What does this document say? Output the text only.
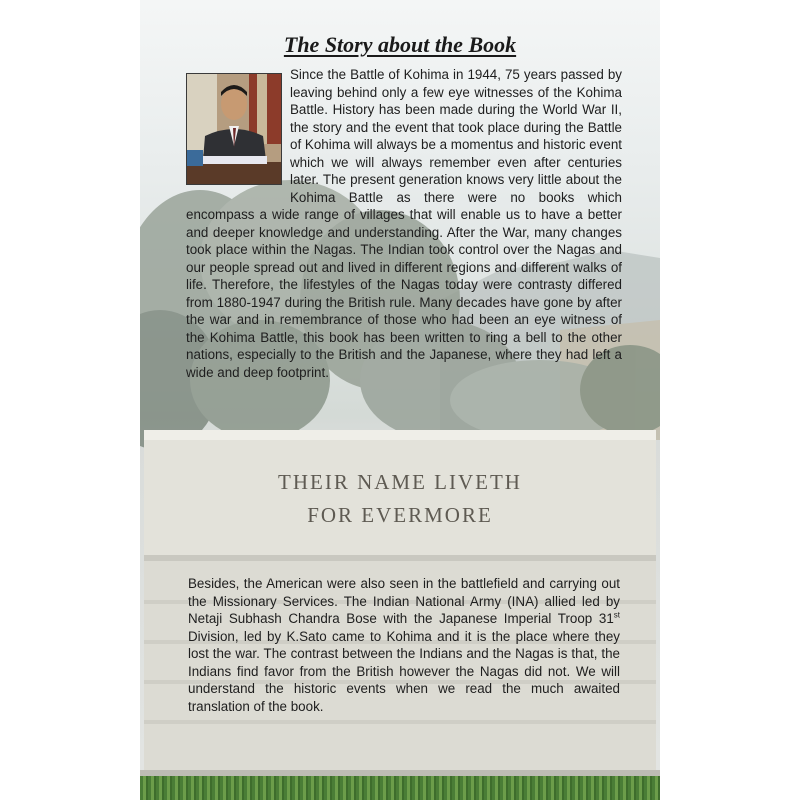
The Story about the Book
Since the Battle of Kohima in 1944, 75 years passed by leaving behind only a few eye witnesses of the Kohima Battle. History has been made during the World War II, the story and the event that took place during the Battle of Kohima will always be a momentus and historic event which we will always remember even after centuries later. The present generation knows very little about the Kohima Battle as there were no books which encompass a wide range of villages that will enable us to have a better and deeper knowledge and understanding. After the War, many changes took place within the Nagas. The Indian took control over the Nagas and our people spread out and lived in different regions and different walks of life. Therefore, the lifestyles of the Nagas today were contrasty differed from 1880-1947 during the British rule. Many decades have gone by after the war and in remembrance of those who had been an eye witness of the Kohima Battle, this book has been written to ring a bell to the other nations, especially to the British and the Japanese, where they had left a wide and deep footprint.
THEIR NAME LIVETH
FOR EVERMORE
Besides, the American were also seen in the battlefield and carrying out the Missionary Services. The Indian National Army (INA) allied led by Netaji Subhash Chandra Bose with the Japanese Imperial Troop 31st Division, led by K.Sato came to Kohima and it is the place where they lost the war. The contrast between the Indians and the Nagas is that, the Indians find favor from the British however the Nagas did not. We will understand the historic events when we read the much awaited translation of the book.
